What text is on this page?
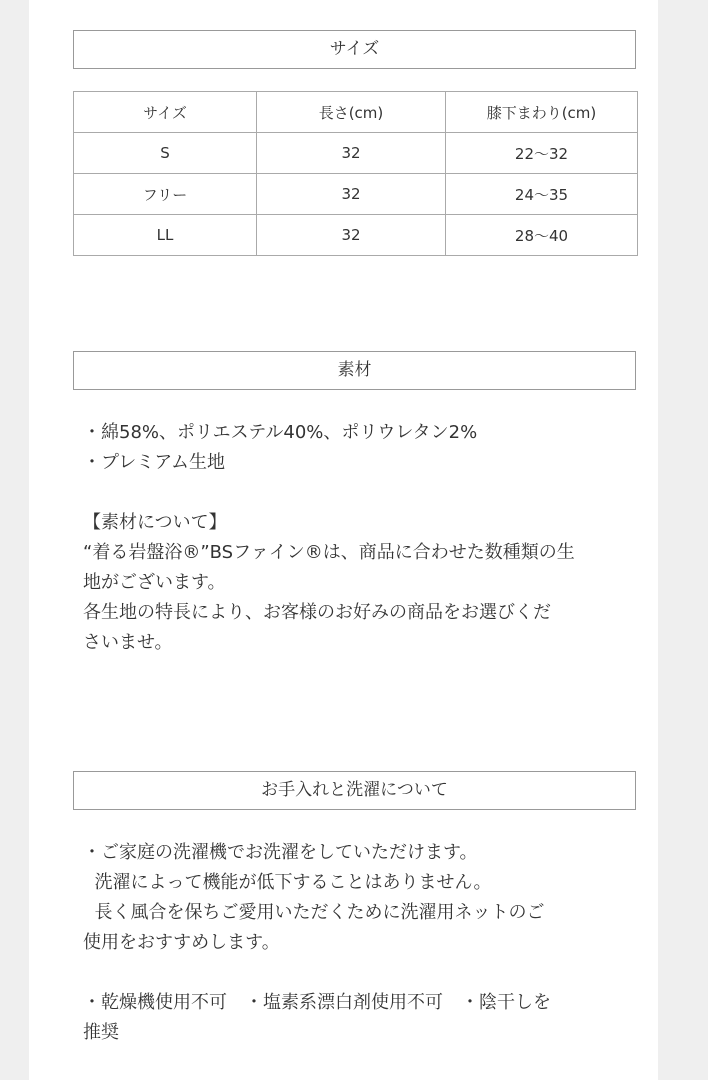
サイズ
サイズ	長さ(cm)	膝下まわり(cm)
S	32	22〜32
フリー	32	24〜35
LL	32	28〜40
素材

・綿58%、ポリエステル40%、ポリウレタン2%

・プレミアム生地

【素材について】

“着る岩盤浴®”BSファイン®は、商品に合わせた数種類の生

地がございます。

各生地の特長により、お客様のお好みの商品をお選びくだ

さいませ。

お手入れと洗濯について

・ご家庭の洗濯機でお洗濯をしていただけます。

洗濯によって機能が低下することはありません。

長く風合を保ちご愛用いただくために洗濯用ネットのご

使用をおすすめします。

・乾燥機使用不可　・塩素系漂白剤使用不可　・陰干しを

推奨
